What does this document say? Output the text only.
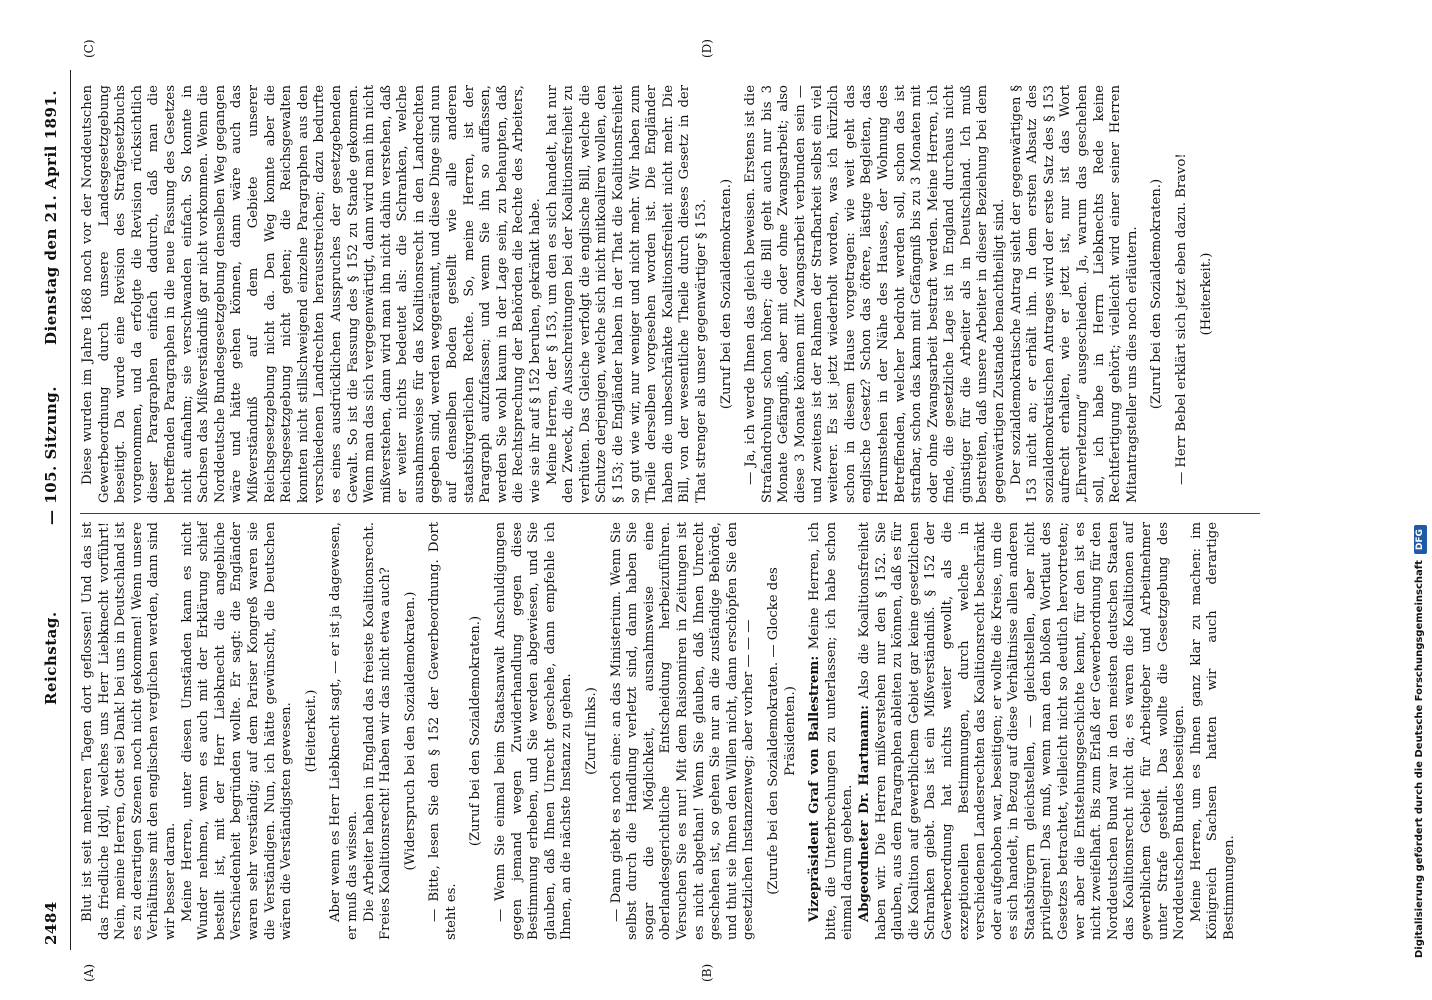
2484
Reichstag.
— 105. Sitzung.
Dienstag den 21. April 1891.
(A)	(B)
(C)	(D)

Blut ist seit mehreren Tagen dort geflossen! Und das ist das friedliche Idyll, welches uns Herr Liebknecht vorführt! Nein, meine Herren, Gott sei Dank! bei uns in Deutschland ist es zu derartigen Szenen noch nicht gekommen! Wenn unsere Verhältnisse mit den englischen verglichen werden, dann sind wir besser daran. Meine Herren, unter diesen Umständen kann es nicht Wunder nehmen, wenn es auch mit der Erklärung schief bestellt ist, mit der Herr Liebknecht die angebliche Verschiedenheit begründen wollte. Er sagt: die Engländer waren sehr verständig; auf dem Pariser Kongreß waren sie die Verständigen. Nun, ich hätte gewünscht, die Deutschen wären die Verständigsten gewesen. (Heiterkeit.) Aber wenn es Herr Liebknecht sagt, — er ist ja dagewesen, er muß das wissen. Die Arbeiter haben in England das freieste Koalitionsrecht. Freies Koalitionsrecht! Haben wir das nicht etwa auch? (Widerspruch bei den Sozialdemokraten.) — Bitte, lesen Sie den § 152 der Gewerbeordnung. Dort steht es.

(Zuruf bei den Sozialdemokraten.) — Wenn Sie einmal beim Staatsanwalt Anschuldigungen gegen jemand wegen Zuwiderhandlung gegen diese Bestimmung erheben, und Sie werden abgewiesen, und Sie glauben, daß Ihnen Unrecht geschehe, dann empfehle ich Ihnen, an die nächste Instanz zu gehen. (Zuruf links.) — Dann giebt es noch eine: an das Ministerium. Wenn Sie selbst durch die Handlung verletzt sind, dann haben Sie sogar die Möglichkeit, ausnahmsweise eine oberlandesgerichtliche Entscheidung herbeizuführen. Versuchen Sie es nur! Mit dem Raisonniren in Zeitungen ist es nicht abgethan! Wenn Sie glauben, daß Ihnen Unrecht geschehen ist, so gehen Sie nur an die zuständige Behörde, und thut sie Ihnen den Willen nicht, dann erschöpfen Sie den gesetzlichen Instanzenweg; aber vorher — — — (Zurufe bei den Sozialdemokraten. — Glocke des Präsidenten.) Vizepräsident Graf von Ballestrem: Meine Herren, ich bitte, die Unterbrechungen zu unterlassen; ich habe schon einmal darum gebeten. Abgeordneter Dr. Hartmann: Also die Koalitionsfreiheit haben wir. Die Herren mißverstehen nur den § 152. Sie glauben, aus dem Paragraphen ableiten zu können, daß es für die Koalition auf gewerblichem Gebiet gar keine gesetzlichen Schranken giebt. Das ist ein Mißverständniß. § 152 der Gewerbeordnung hat nichts weiter gewollt, als die exzeptionellen Bestimmungen, durch welche in verschiedenen Landesrechten das Koalitionsrecht beschränkt oder aufgehoben war, beseitigen; er wollte die Kreise, um die es sich handelt, in Bezug auf diese Verhältnisse allen anderen Staatsbürgern gleichstellen, — gleichstellen, aber nicht privilegiren! Das muß, wenn man den bloßen Wortlaut des Gesetzes betrachtet, vielleicht nicht so deutlich hervortreten; wer aber die Entstehungsgeschichte kennt, für den ist es nicht zweifelhaft. Bis zum Erlaß der Gewerbeordnung für den Norddeutschen Bund war in den meisten deutschen Staaten das Koalitionsrecht nicht da; es waren die Koalitionen auf gewerblichem Gebiet für Arbeitgeber und Arbeitnehmer unter Strafe gestellt. Das wollte die Gesetzgebung des Norddeutschen Bundes beseitigen. Meine Herren, um es Ihnen ganz klar zu machen: im Königreich Sachsen hatten wir auch derartige Bestimmungen.

Diese wurden im Jahre 1868 noch vor der Norddeutschen Gewerbeordnung durch unsere Landesgesetzgebung beseitigt. Da wurde eine Revision des Strafgesetzbuchs vorgenommen, und da erfolgte die Revision rücksichtlich dieser Paragraphen einfach dadurch, daß man die betreffenden Paragraphen in die neue Fassung des Gesetzes nicht aufnahm; sie verschwanden einfach. So konnte in Sachsen das Mißverständniß gar nicht vorkommen. Wenn die Norddeutsche Bundesgesetzgebung denselben Weg gegangen wäre und hätte gehen können, dann wäre auch das Mißverständniß auf dem Gebiete unserer Reichsgesetzgebung nicht da. Den Weg konnte aber die Reichsgesetzgebung nicht gehen; die Reichsgewalten konnten nicht stillschweigend einzelne Paragraphen aus den verschiedenen Landrechten herausstreichen; dazu bedurfte es eines ausdrücklichen Ausspruches der gesetzgebenden Gewalt. So ist die Fassung des § 152 zu Stande gekommen. Wenn man das sich vergegenwärtigt, dann wird man ihn nicht mißverstehen, dann wird man ihn nicht dahin verstehen, daß er weiter nichts bedeutet als: die Schranken, welche ausnahmsweise für das Koalitionsrecht in den Landrechten gegeben sind, werden weggeräumt, und diese Dinge sind nun auf denselben Boden gestellt wie alle anderen staatsbürgerlichen Rechte. So, meine Herren, ist der Paragraph aufzufassen; und wenn Sie ihn so auffassen, werden Sie wohl kaum in der Lage sein, zu behaupten, daß die Rechtsprechung der Behörden die Rechte des Arbeiters, wie sie ihr auf § 152 beruhen, gekränkt habe. Meine Herren, der § 153, um den es sich handelt, hat nur den Zweck, die Ausschreitungen bei der Koalitionsfreiheit zu verhüten. Das Gleiche verfolgt die englische Bill, welche die Schutze derjenigen, welche sich nicht mitkoaliren wollen, den § 153; die Engländer haben in der That die Koalitionsfreiheit so gut wie wir, nur weniger und nicht mehr. Wir haben zum Theile derselben vorgesehen worden ist. Die Engländer haben die unbeschränkte Koalitionsfreiheit nicht mehr. Die Bill, von der wesentliche Theile durch dieses Gesetz in der That strenger als unser gegenwärtiger § 153. (Zuruf bei den Sozialdemokraten.) — Ja, ich werde Ihnen das gleich beweisen. Erstens ist die Strafandrohung schon höher; die Bill geht auch nur bis 3 Monate Gefängniß, aber mit oder ohne Zwangsarbeit; also diese 3 Monate können mit Zwangsarbeit verbunden sein — und zweitens ist der Rahmen der Strafbarkeit selbst ein viel weiterer. Es ist jetzt wiederholt worden, was ich kürzlich schon in diesem Hause vorgetragen: wie weit geht das englische Gesetz? Schon das öftere, lästige Begleiten, das Herumstehen in der Nähe des Hauses, der Wohnung des Betreffenden, welcher bedroht werden soll, schon das ist strafbar, schon das kann mit Gefängniß bis zu 3 Monaten mit oder ohne Zwangsarbeit bestraft werden. Meine Herren, ich finde, die gesetzliche Lage ist in England durchaus nicht günstiger für die Arbeiter als in Deutschland. Ich muß bestreiten, daß unsere Arbeiter in dieser Beziehung bei dem gegenwärtigen Zustande benachtheiligt sind. Der sozialdemokratische Antrag sieht der gegenwärtigen § 153 nicht an; er erhält ihn. In dem ersten Absatz des sozialdemokratischen Antrages wird der erste Satz des § 153 aufrecht erhalten, wie er jetzt ist, nur ist das Wort „Ehrverletzung“ ausgeschieden. Ja, warum das geschehen soll, ich habe in Herrn Liebknechts Rede keine Rechtfertigung gehört; vielleicht wird einer seiner Herren Mitantragsteller uns dies noch erläutern. (Zuruf bei den Sozialdemokraten.) — Herr Bebel erklärt sich jetzt eben dazu. Bravo! (Heiterkeit.)

Digitalisierung gefördert durch die Deutsche Forschungsgemeinschaft
DFG
